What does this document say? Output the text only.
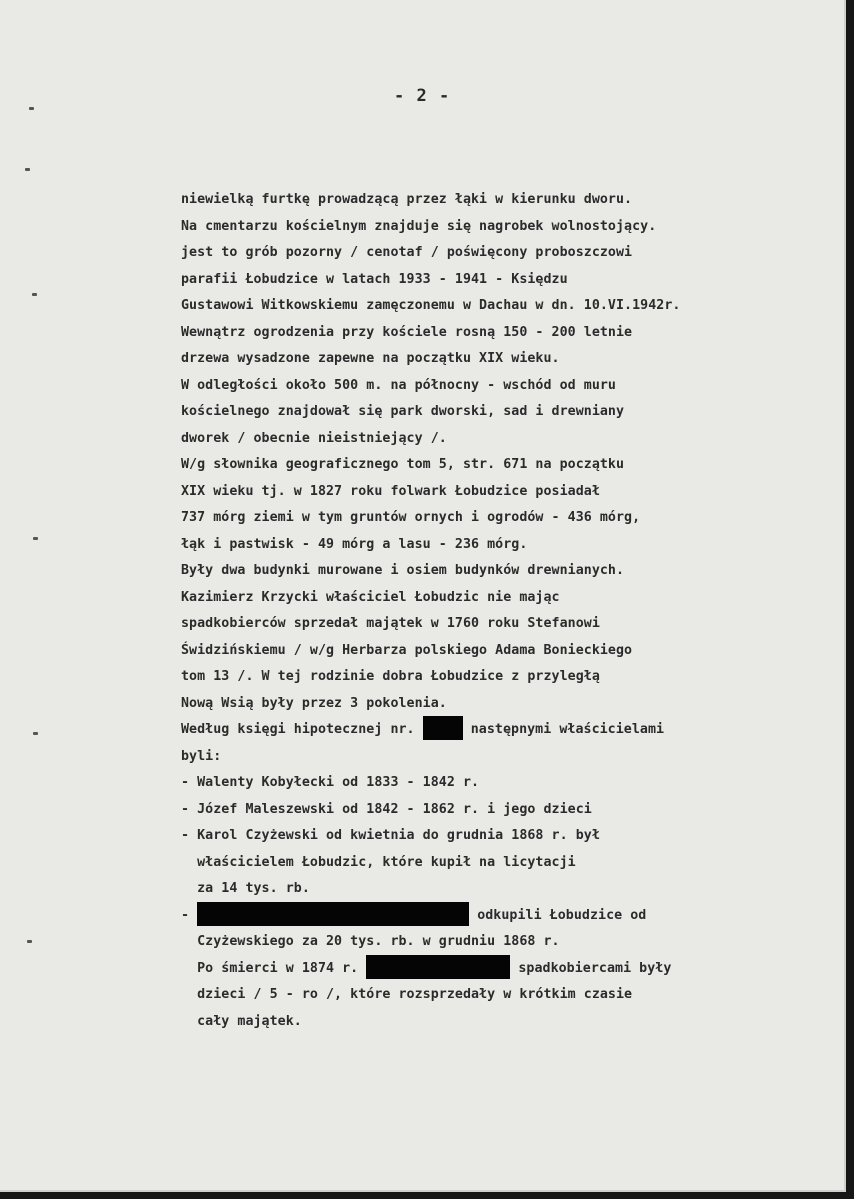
- 2 -
niewielką furtkę prowadzącą przez łąki w kierunku dworu.
Na cmentarzu kościelnym znajduje się nagrobek wolnostojący.
jest to grób pozorny / cenotaf / poświęcony proboszczowi
parafii Łobudzice w latach 1933 - 1941 - Księdzu
Gustawowi Witkowskiemu zamęczonemu w Dachau w dn. 10.VI.1942r.
Wewnątrz ogrodzenia przy kościele rosną 150 - 200 letnie
drzewa wysadzone zapewne na początku XIX wieku.
W odległości około 500 m. na północny - wschód od muru
kościelnego znajdował się park dworski, sad i drewniany
dworek / obecnie nieistniejący /.
W/g słownika geograficznego tom 5, str. 671 na początku
XIX wieku tj. w 1827 roku folwark Łobudzice posiadał
737 mórg ziemi w tym gruntów ornych i ogrodów - 436 mórg,
łąk i pastwisk - 49 mórg a lasu - 236 mórg.
Były dwa budynki murowane i osiem budynków drewnianych.
Kazimierz Krzycki właściciel Łobudzic nie mając
spadkobierców sprzedał majątek w 1760 roku Stefanowi
Świdzińskiemu / w/g Herbarza polskiego Adama Bonieckiego
tom 13 /. W tej rodzinie dobra Łobudzice z przyległą
Nową Wsią były przez 3 pokolenia.
Według księgi hipotecznej nr.	następnymi właścicielami
byli:
- Walenty Kobyłecki od 1833 - 1842 r.
- Józef Maleszewski od 1842 - 1862 r. i jego dzieci
- Karol Czyżewski od kwietnia do grudnia 1868 r. był
właścicielem Łobudzic, które kupił na licytacji
za 14 tys. rb.
-	odkupili Łobudzice od
Czyżewskiego za 20 tys. rb. w grudniu 1868 r.
Po śmierci w 1874 r.	spadkobiercami były
dzieci / 5 - ro /, które rozsprzedały w krótkim czasie
cały majątek.
